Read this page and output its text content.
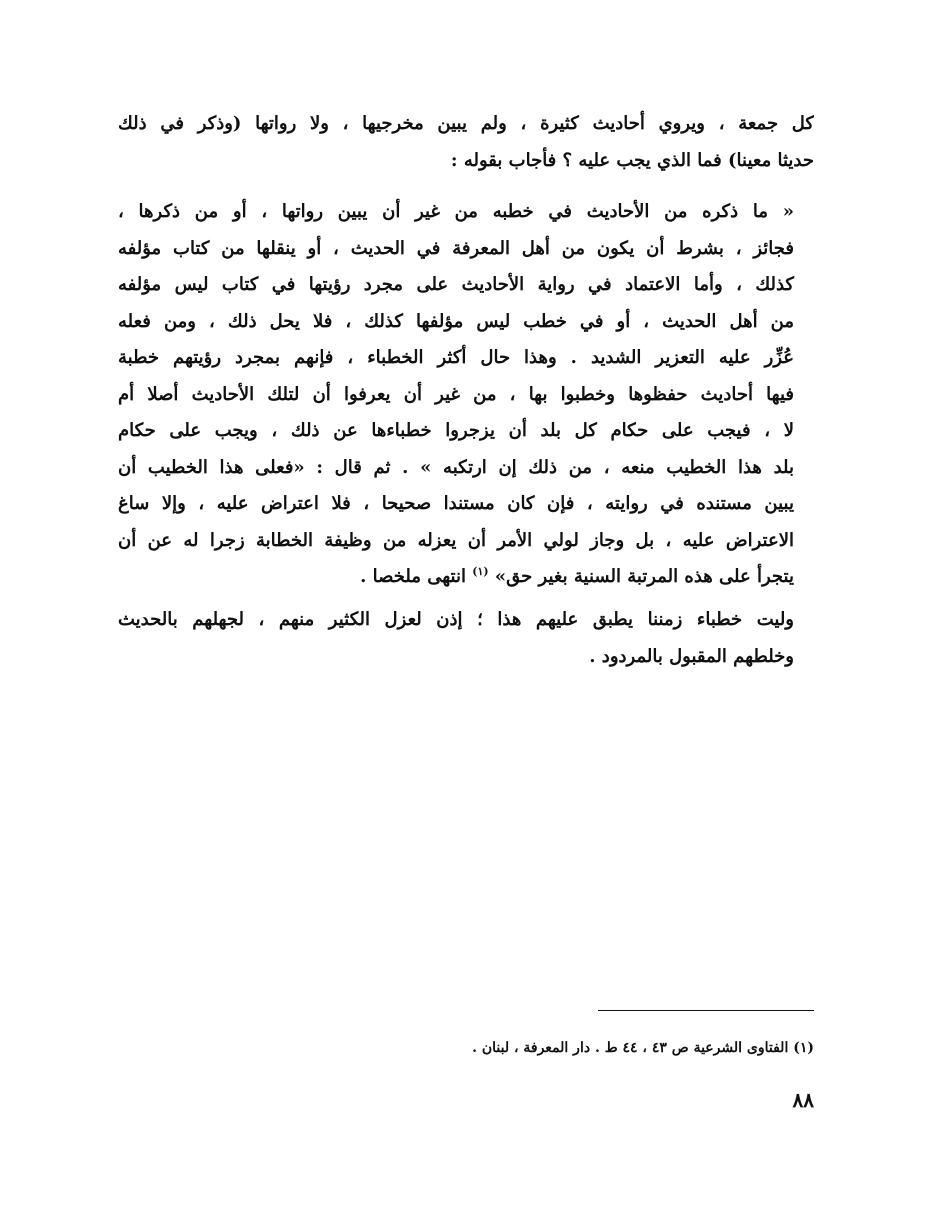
كل جمعة ، ويروي أحاديث كثيرة ، ولم يبين مخرجيها ، ولا رواتها (وذكر في ذلك
حديثا معينا) فما الذي يجب عليه ؟ فأجاب بقوله :
« ما ذكره من الأحاديث في خطبه من غير أن يبين رواتها ، أو من ذكرها ،
فجائز ، بشرط أن يكون من أهل المعرفة في الحديث ، أو ينقلها من كتاب مؤلفه
كذلك ، وأما الاعتماد في رواية الأحاديث على مجرد رؤيتها في كتاب ليس مؤلفه
من أهل الحديث ، أو في خطب ليس مؤلفها كذلك ، فلا يحل ذلك ، ومن فعله
عُزِّر عليه التعزير الشديد . وهذا حال أكثر الخطباء ، فإنهم بمجرد رؤيتهم خطبة
فيها أحاديث حفظوها وخطبوا بها ، من غير أن يعرفوا أن لتلك الأحاديث أصلا أم
لا ، فيجب على حكام كل بلد أن يزجروا خطباءها عن ذلك ، ويجب على حكام
بلد هذا الخطيب منعه ، من ذلك إن ارتكبه » . ثم قال : «فعلى هذا الخطيب أن
يبين مستنده في روايته ، فإن كان مستندا صحيحا ، فلا اعتراض عليه ، وإلا ساغ
الاعتراض عليه ، بل وجاز لولي الأمر أن يعزله من وظيفة الخطابة زجرا له عن أن
يتجرأ على هذه المرتبة السنية بغير حق» $^{(١)}$ انتهى ملخصا .
وليت خطباء زمننا يطبق عليهم هذا ؛ إذن لعزل الكثير منهم ، لجهلهم بالحديث
وخلطهم المقبول بالمردود .
(١) الفتاوى الشرعية ص ٤٣ ، ٤٤ ط . دار المعرفة ، لبنان .
٨٨
